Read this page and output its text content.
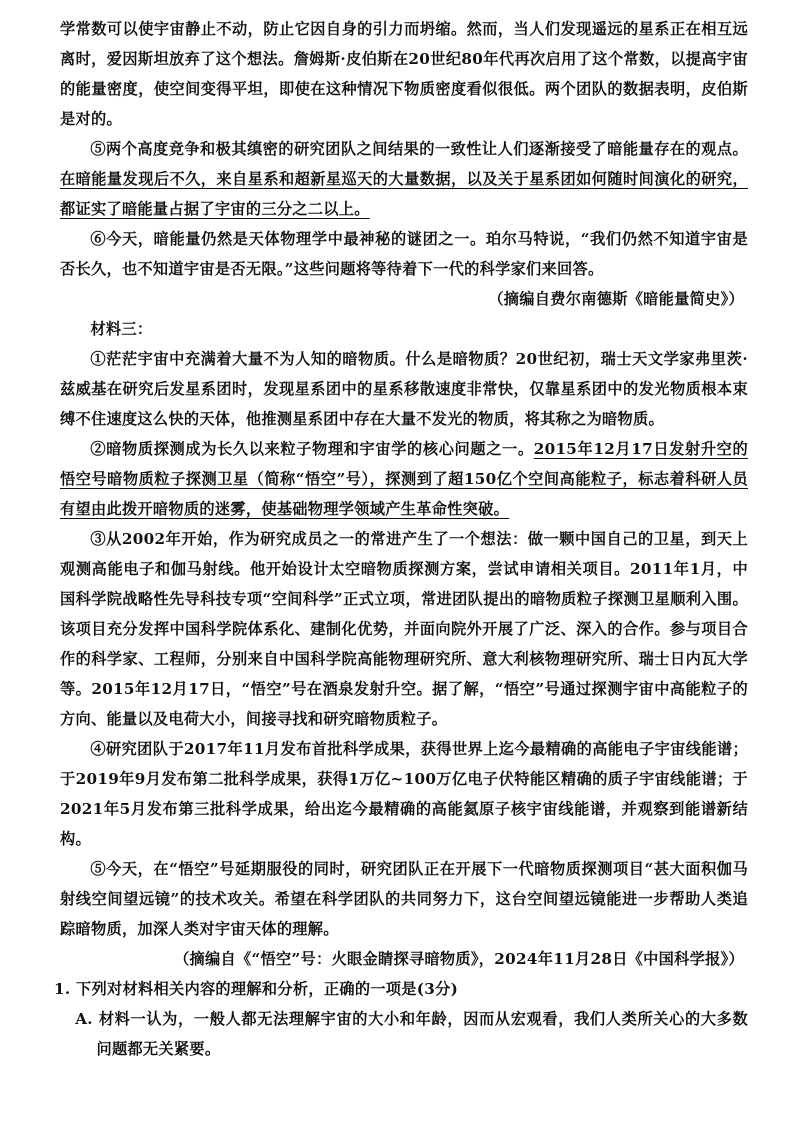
学常数可以使宇宙静止不动，防止它因自身的引力而坍缩。然而，当人们发现遥远的星系正在相互远离时，爱因斯坦放弃了这个想法。詹姆斯·皮伯斯在20世纪80年代再次启用了这个常数，以提高宇宙的能量密度，使空间变得平坦，即使在这种情况下物质密度看似很低。两个团队的数据表明，皮伯斯是对的。

⑤两个高度竞争和极其缜密的研究团队之间结果的一致性让人们逐渐接受了暗能量存在的观点。在暗能量发现后不久，来自星系和超新星巡天的大量数据，以及关于星系团如何随时间演化的研究，都证实了暗能量占据了宇宙的三分之二以上。

⑥今天，暗能量仍然是天体物理学中最神秘的谜团之一。珀尔马特说，“我们仍然不知道宇宙是否长久，也不知道宇宙是否无限。”这些问题将等待着下一代的科学家们来回答。

（摘编自费尔南德斯《暗能量简史》）

材料三：

①茫茫宇宙中充满着大量不为人知的暗物质。什么是暗物质？20世纪初，瑞士天文学家弗里茨·兹威基在研究后发星系团时，发现星系团中的星系移散速度非常快，仅靠星系团中的发光物质根本束缚不住速度这么快的天体，他推测星系团中存在大量不发光的物质，将其称之为暗物质。

②暗物质探测成为长久以来粒子物理和宇宙学的核心问题之一。2015年12月17日发射升空的悟空号暗物质粒子探测卫星（简称“悟空”号），探测到了超150亿个空间高能粒子，标志着科研人员有望由此拨开暗物质的迷雾，使基础物理学领域产生革命性突破。

③从2002年开始，作为研究成员之一的常进产生了一个想法：做一颗中国自己的卫星，到天上观测高能电子和伽马射线。他开始设计太空暗物质探测方案，尝试申请相关项目。2011年1月，中国科学院战略性先导科技专项“空间科学”正式立项，常进团队提出的暗物质粒子探测卫星顺利入围。该项目充分发挥中国科学院体系化、建制化优势，并面向院外开展了广泛、深入的合作。参与项目合作的科学家、工程师，分别来自中国科学院高能物理研究所、意大利核物理研究所、瑞士日内瓦大学等。2015年12月17日，“悟空”号在酒泉发射升空。据了解，“悟空”号通过探测宇宙中高能粒子的方向、能量以及电荷大小，间接寻找和研究暗物质粒子。

④研究团队于2017年11月发布首批科学成果，获得世界上迄今最精确的高能电子宇宙线能谱；于2019年9月发布第二批科学成果，获得1万亿~100万亿电子伏特能区精确的质子宇宙线能谱；于2021年5月发布第三批科学成果，给出迄今最精确的高能氦原子核宇宙线能谱，并观察到能谱新结构。

⑤今天，在“悟空”号延期服役的同时，研究团队正在开展下一代暗物质探测项目“甚大面积伽马射线空间望远镜”的技术攻关。希望在科学团队的共同努力下，这台空间望远镜能进一步帮助人类追踪暗物质，加深人类对宇宙天体的理解。

（摘编自《“悟空”号：火眼金睛探寻暗物质》，2024年11月28日《中国科学报》）

1. 下列对材料相关内容的理解和分析，正确的一项是(3分)

A. 材料一认为，一般人都无法理解宇宙的大小和年龄，因而从宏观看，我们人类所关心的大多数问题都无关紧要。
